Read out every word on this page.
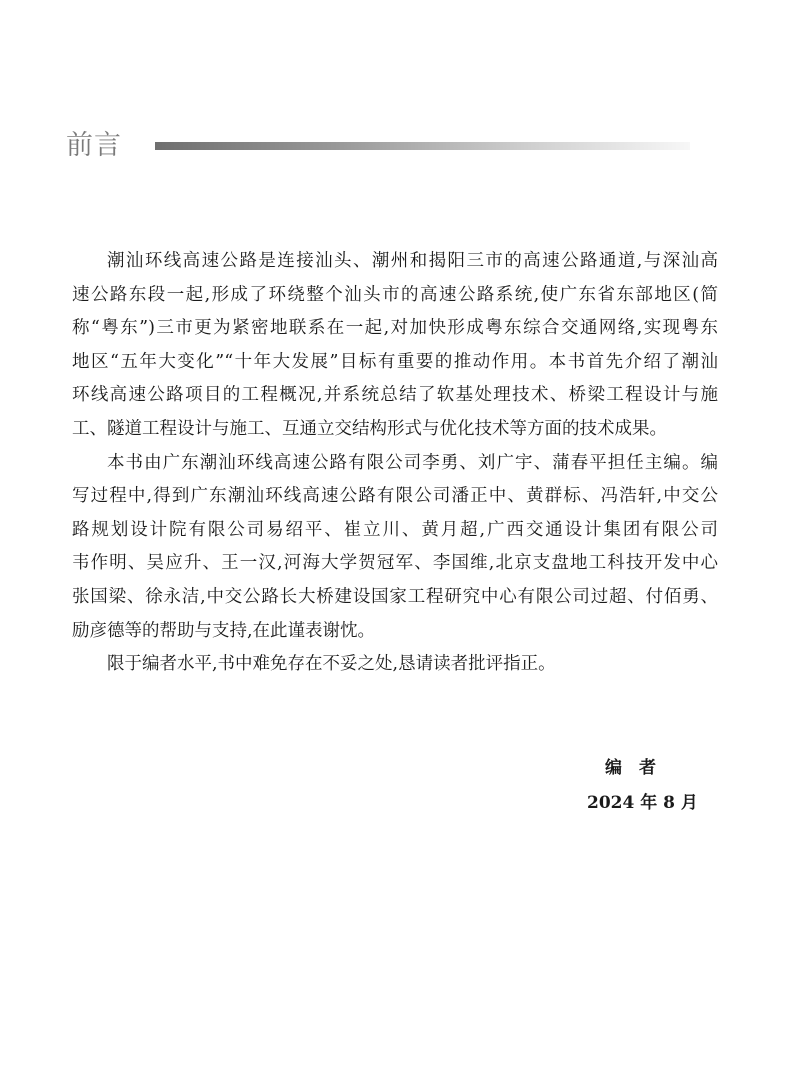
前言
潮汕环线高速公路是连接汕头、潮州和揭阳三市的高速公路通道,与深汕高
速公路东段一起,形成了环绕整个汕头市的高速公路系统,使广东省东部地区(简
称“粤东”)三市更为紧密地联系在一起,对加快形成粤东综合交通网络,实现粤东
地区“五年大变化”“十年大发展”目标有重要的推动作用。本书首先介绍了潮汕
环线高速公路项目的工程概况,并系统总结了软基处理技术、桥梁工程设计与施
工、隧道工程设计与施工、互通立交结构形式与优化技术等方面的技术成果。
本书由广东潮汕环线高速公路有限公司李勇、刘广宇、蒲春平担任主编。编
写过程中,得到广东潮汕环线高速公路有限公司潘正中、黄群标、冯浩轩,中交公
路规划设计院有限公司易绍平、崔立川、黄月超,广西交通设计集团有限公司
韦作明、吴应升、王一汉,河海大学贺冠军、李国维,北京支盘地工科技开发中心
张国梁、徐永洁,中交公路长大桥建设国家工程研究中心有限公司过超、付佰勇、
励彦德等的帮助与支持,在此谨表谢忱。
限于编者水平,书中难免存在不妥之处,恳请读者批评指正。
编　者
2024 年 8 月
